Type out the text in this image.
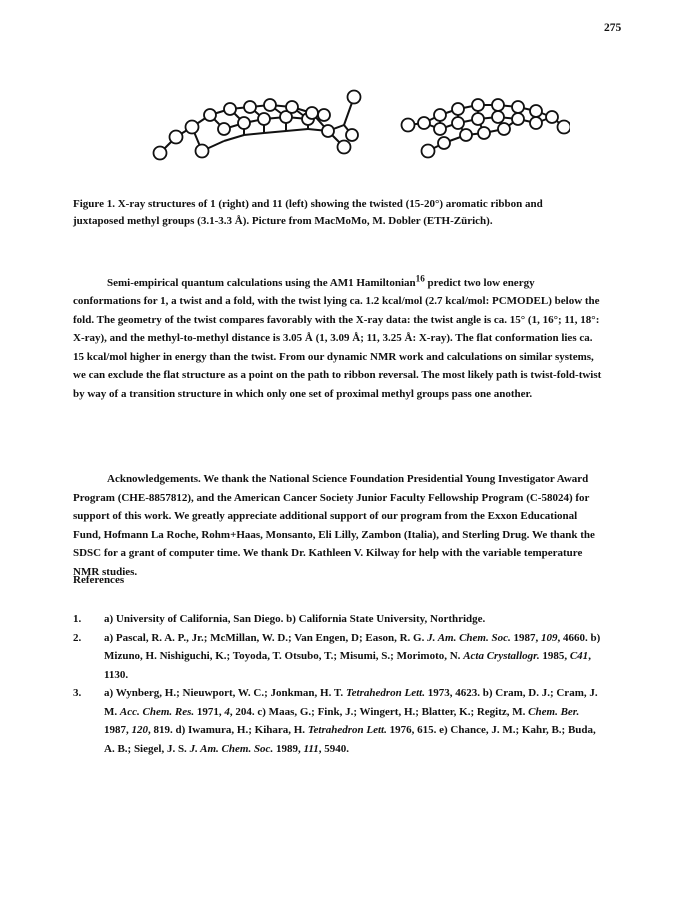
275
Figure 1. X-ray structures of 1 (right) and 11 (left) showing the twisted (15-20°) aromatic ribbon and juxtaposed methyl groups (3.1-3.3 Å). Picture from MacMoMo, M. Dobler (ETH-Zürich).
Semi-empirical quantum calculations using the AM1 Hamiltonian$^{16}$ predict two low energy conformations for 1, a twist and a fold, with the twist lying ca. 1.2 kcal/mol (2.7 kcal/mol: PCMODEL) below the fold. The geometry of the twist compares favorably with the X-ray data: the twist angle is ca. 15° (1, 16°; 11, 18°: X-ray), and the methyl-to-methyl distance is 3.05 Å (1, 3.09 Å; 11, 3.25 Å: X-ray). The flat conformation lies ca. 15 kcal/mol higher in energy than the twist. From our dynamic NMR work and calculations on similar systems, we can exclude the flat structure as a point on the path to ribbon reversal. The most likely path is twist-fold-twist by way of a transition structure in which only one set of proximal methyl groups pass one another.
Acknowledgements. We thank the National Science Foundation Presidential Young Investigator Award Program (CHE-8857812), and the American Cancer Society Junior Faculty Fellowship Program (C-58024) for support of this work. We greatly appreciate additional support of our program from the Exxon Educational Fund, Hofmann La Roche, Rohm+Haas, Monsanto, Eli Lilly, Zambon (Italia), and Sterling Drug. We thank the SDSC for a grant of computer time. We thank Dr. Kathleen V. Kilway for help with the variable temperature NMR studies.
References
1.	a) University of California, San Diego. b) California State University, Northridge.
2.	a) Pascal, R. A. P., Jr.; McMillan, W. D.; Van Engen, D; Eason, R. G. J. Am. Chem. Soc. 1987, 109, 4660. b) Mizuno, H. Nishiguchi, K.; Toyoda, T. Otsubo, T.; Misumi, S.; Morimoto, N. Acta Crystallogr. 1985, C41, 1130.
3.	a) Wynberg, H.; Nieuwport, W. C.; Jonkman, H. T. Tetrahedron Lett. 1973, 4623. b) Cram, D. J.; Cram, J. M. Acc. Chem. Res. 1971, 4, 204. c) Maas, G.; Fink, J.; Wingert, H.; Blatter, K.; Regitz, M. Chem. Ber. 1987, 120, 819. d) Iwamura, H.; Kihara, H. Tetrahedron Lett. 1976, 615. e) Chance, J. M.; Kahr, B.; Buda, A. B.; Siegel, J. S. J. Am. Chem. Soc. 1989, 111, 5940.
